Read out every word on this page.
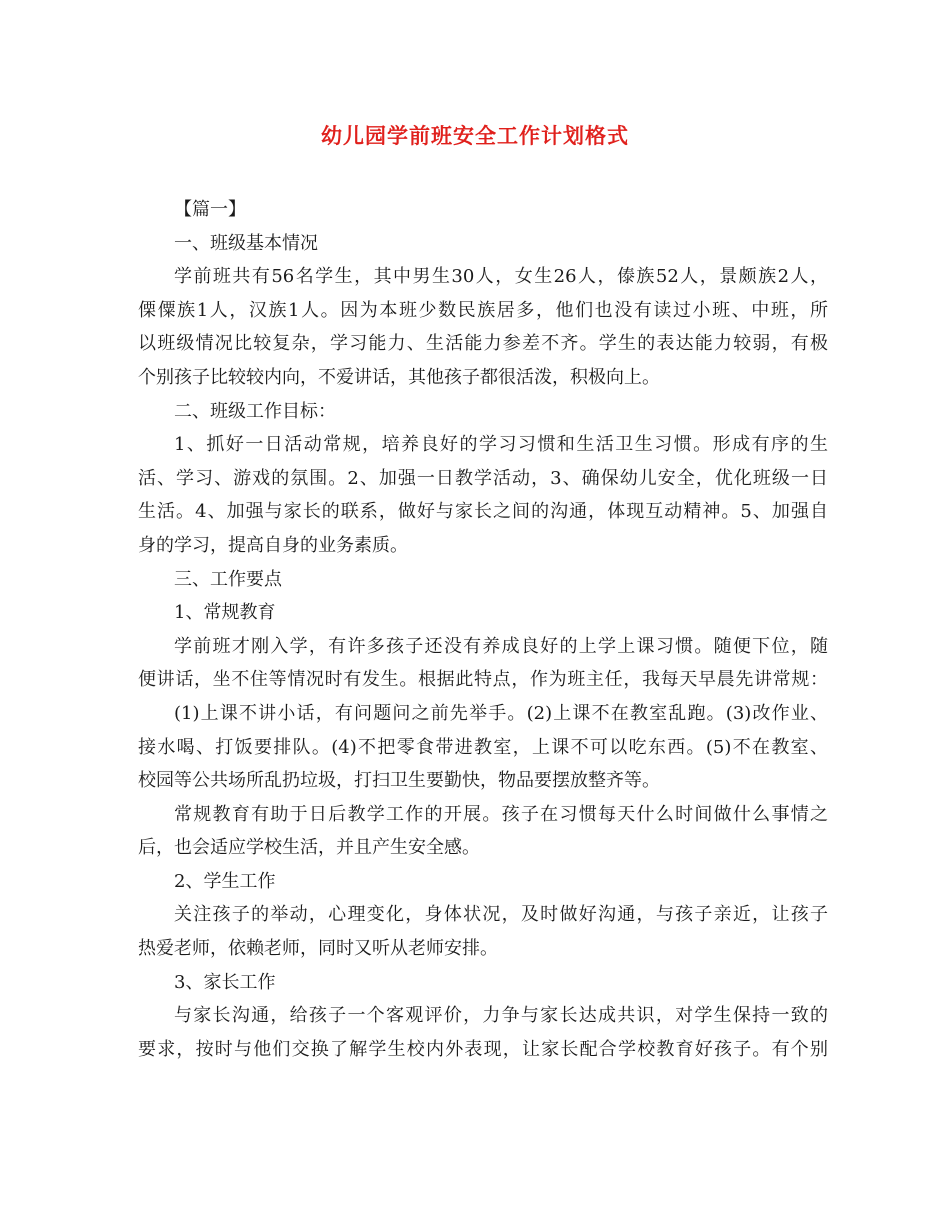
幼儿园学前班安全工作计划格式
【篇一】
一、班级基本情况
学前班共有56名学生，其中男生30人，女生26人，傣族52人，景颇族2人，
傈僳族1人，汉族1人。因为本班少数民族居多，他们也没有读过小班、中班，所
以班级情况比较复杂，学习能力、生活能力参差不齐。学生的表达能力较弱，有极
个别孩子比较较内向，不爱讲话，其他孩子都很活泼，积极向上。
二、班级工作目标：
1、抓好一日活动常规，培养良好的学习习惯和生活卫生习惯。形成有序的生
活、学习、游戏的氛围。2、加强一日教学活动，3、确保幼儿安全，优化班级一日
生活。4、加强与家长的联系，做好与家长之间的沟通，体现互动精神。5、加强自
身的学习，提高自身的业务素质。
三、工作要点
1、常规教育
学前班才刚入学，有许多孩子还没有养成良好的上学上课习惯。随便下位，随
便讲话，坐不住等情况时有发生。根据此特点，作为班主任，我每天早晨先讲常规：
(1)上课不讲小话，有问题问之前先举手。(2)上课不在教室乱跑。(3)改作业、
接水喝、打饭要排队。(4)不把零食带进教室，上课不可以吃东西。(5)不在教室、
校园等公共场所乱扔垃圾，打扫卫生要勤快，物品要摆放整齐等。
常规教育有助于日后教学工作的开展。孩子在习惯每天什么时间做什么事情之
后，也会适应学校生活，并且产生安全感。
2、学生工作
关注孩子的举动，心理变化，身体状况，及时做好沟通，与孩子亲近，让孩子
热爱老师，依赖老师，同时又听从老师安排。
3、家长工作
与家长沟通，给孩子一个客观评价，力争与家长达成共识，对学生保持一致的
要求，按时与他们交换了解学生校内外表现，让家长配合学校教育好孩子。有个别
